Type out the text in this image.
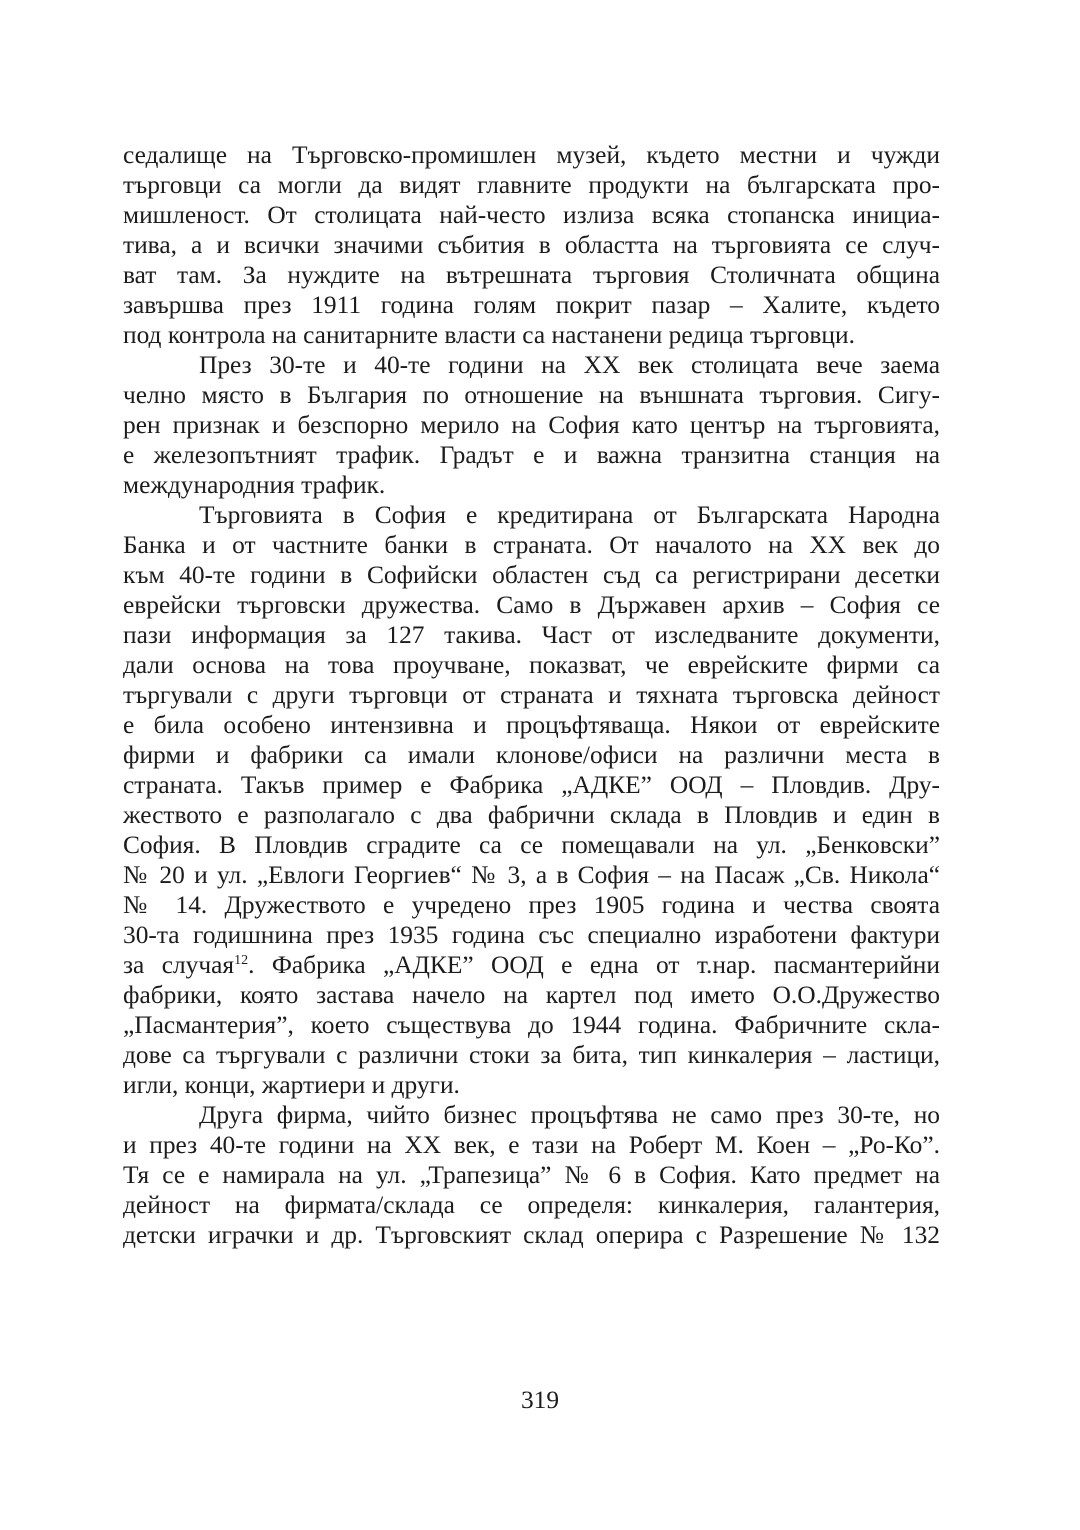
седалище на Търговско-промишлен музей, където местни и чужди
търговци са могли да видят главните продукти на българската про-
мишленост. От столицата най-често излиза всяка стопанска инициа-
тива, а и всички значими събития в областта на търговията се случ-
ват там. За нуждите на вътрешната търговия Столичната община
завършва през 1911 година голям покрит пазар – Халите, където
под контрола на санитарните власти са настанени редица търговци.
През 30-те и 40-те години на ХХ век столицата вече заема
челно място в България по отношение на външната търговия. Сигу-
рен признак и безспорно мерило на София като център на търговията,
е железопътният трафик. Градът е и важна транзитна станция на
международния трафик.
Търговията в София е кредитирана от Българската Народна
Банка и от частните банки в страната. От началото на ХХ век до
към 40-те години в Софийски областен съд са регистрирани десетки
еврейски търговски дружества. Само в Държавен архив – София се
пази информация за 127 такива. Част от изследваните документи,
дали основа на това проучване, показват, че еврейските фирми са
търгували с други търговци от страната и тяхната търговска дейност
е била особено интензивна и процъфтяваща. Някои от еврейските
фирми и фабрики са имали клонове/офиси на различни места в
страната. Такъв пример е Фабрика „АДКЕ” ООД – Пловдив. Дру-
жеството е разполагало с два фабрични склада в Пловдив и един в
София. В Пловдив сградите са се помещавали на ул. „Бенковски”
№ 20 и ул. „Евлоги Георгиев“ № 3, а в София – на Пасаж „Св. Никола“
№ 14. Дружеството е учредено през 1905 година и чества своята
30-та годишнина през 1935 година със специално изработени фактури
за случая$^{12}$. Фабрика „АДКЕ” ООД е една от т.нар. пасмантерийни
фабрики, която застава начело на картел под името О.О.Дружество
„Пасмантерия”, което съществува до 1944 година. Фабричните скла-
дове са търгували с различни стоки за бита, тип кинкалерия – ластици,
игли, конци, жартиери и други.
Друга фирма, чийто бизнес процъфтява не само през 30-те, но
и през 40-те години на ХХ век, е тази на Роберт М. Коен – „Ро-Ко”.
Тя се е намирала на ул. „Трапезица” № 6 в София. Като предмет на
дейност на фирмата/склада се определя: кинкалерия, галантерия,
детски играчки и др. Търговският склад оперира с Разрешение № 132
319
